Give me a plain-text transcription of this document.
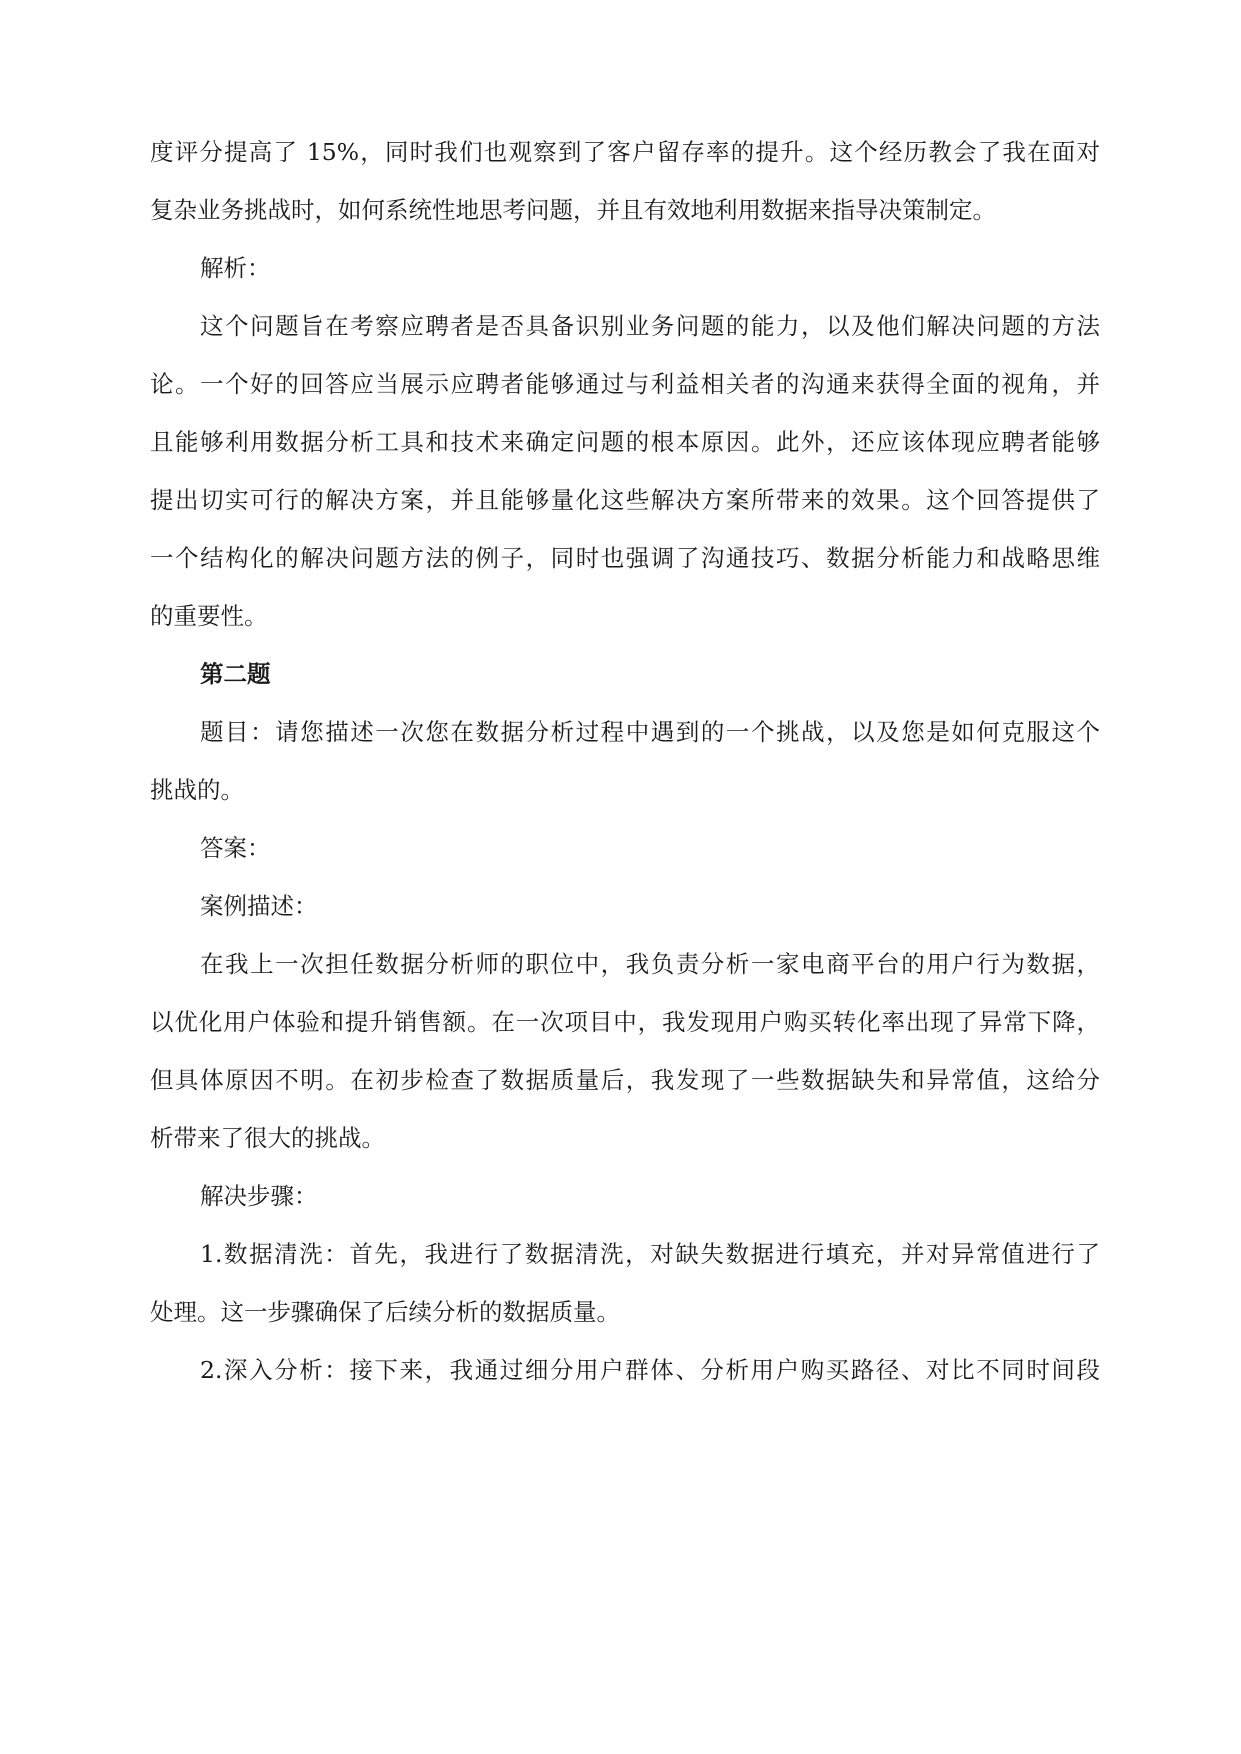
度评分提高了 15%，同时我们也观察到了客户留存率的提升。这个经历教会了我在面对
复杂业务挑战时，如何系统性地思考问题，并且有效地利用数据来指导决策制定。
解析：
这个问题旨在考察应聘者是否具备识别业务问题的能力，以及他们解决问题的方法
论。一个好的回答应当展示应聘者能够通过与利益相关者的沟通来获得全面的视角，并
且能够利用数据分析工具和技术来确定问题的根本原因。此外，还应该体现应聘者能够
提出切实可行的解决方案，并且能够量化这些解决方案所带来的效果。这个回答提供了
一个结构化的解决问题方法的例子，同时也强调了沟通技巧、数据分析能力和战略思维
的重要性。
第二题
题目：请您描述一次您在数据分析过程中遇到的一个挑战，以及您是如何克服这个
挑战的。
答案：
案例描述：
在我上一次担任数据分析师的职位中，我负责分析一家电商平台的用户行为数据，
以优化用户体验和提升销售额。在一次项目中，我发现用户购买转化率出现了异常下降，
但具体原因不明。在初步检查了数据质量后，我发现了一些数据缺失和异常值，这给分
析带来了很大的挑战。
解决步骤：
1.数据清洗：首先，我进行了数据清洗，对缺失数据进行填充，并对异常值进行了
处理。这一步骤确保了后续分析的数据质量。
2.深入分析：接下来，我通过细分用户群体、分析用户购买路径、对比不同时间段
